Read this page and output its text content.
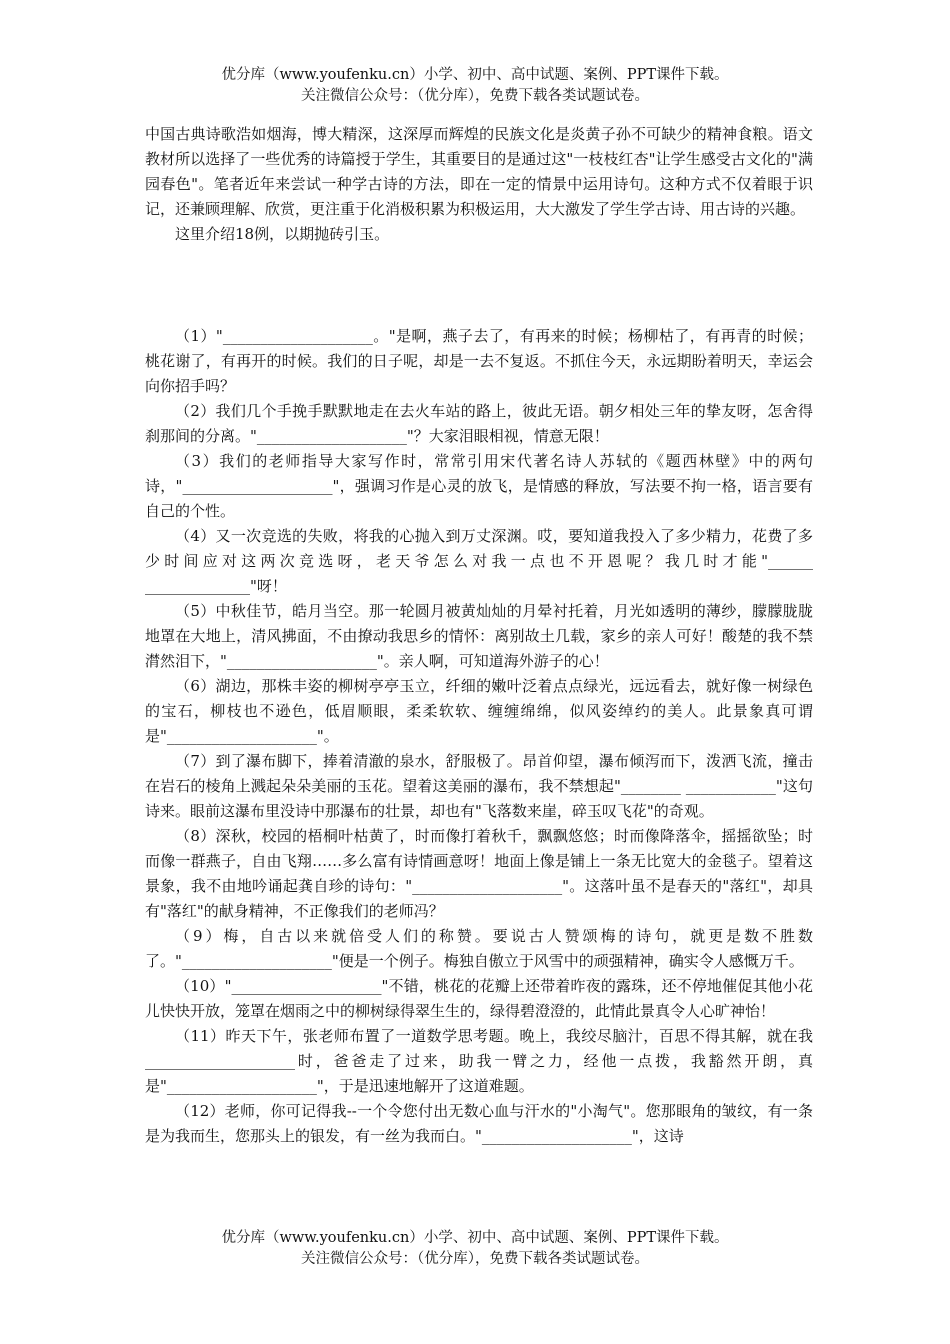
优分库（www.youfenku.cn）小学、初中、高中试题、案例、PPT课件下载。

关注微信公众号：（优分库），免费下载各类试题试卷。

中国古典诗歌浩如烟海，博大精深，这深厚而辉煌的民族文化是炎黄子孙不可缺少的精神食粮。语文教材所以选择了一些优秀的诗篇授于学生，其重要目的是通过这"一枝枝红杏"让学生感受古文化的"满园春色"。笔者近年来尝试一种学古诗的方法，即在一定的情景中运用诗句。这种方式不仅着眼于识记，还兼顾理解、欣赏，更注重于化消极积累为积极运用，大大激发了学生学古诗、用古诗的兴趣。

这里介绍18例，以期抛砖引玉。

（1）"____________________。"是啊，燕子去了，有再来的时候；杨柳枯了，有再青的时候；桃花谢了，有再开的时候。我们的日子呢，却是一去不复返。不抓住今天，永远期盼着明天，幸运会向你招手吗？

（2）我们几个手挽手默默地走在去火车站的路上，彼此无语。朝夕相处三年的挚友呀，怎舍得刹那间的分离。"____________________"？大家泪眼相视，情意无限！

（3）我们的老师指导大家写作时，常常引用宋代著名诗人苏轼的《题西林壁》中的两句诗，"____________________"，强调习作是心灵的放飞，是情感的释放，写法要不拘一格，语言要有自己的个性。

（4）又一次竞选的失败，将我的心抛入到万丈深渊。哎，要知道我投入了多少精力，花费了多少时间应对这两次竞选呀，老天爷怎么对我一点也不开恩呢？我几时才能"______ ______________"呀！

（5）中秋佳节，皓月当空。那一轮圆月被黄灿灿的月晕衬托着，月光如透明的薄纱，朦朦胧胧地罩在大地上，清风拂面，不由撩动我思乡的情怀：离别故土几载，家乡的亲人可好！酸楚的我不禁潸然泪下，"____________________"。亲人啊，可知道海外游子的心！

（6）湖边，那株丰姿的柳树亭亭玉立，纤细的嫩叶泛着点点绿光，远远看去，就好像一树绿色的宝石，柳枝也不逊色，低眉顺眼，柔柔软软、缠缠绵绵，似风姿绰约的美人。此景象真可谓是"____________________"。

（7）到了瀑布脚下，捧着清澈的泉水，舒服极了。昂首仰望，瀑布倾泻而下，泼洒飞流，撞击在岩石的棱角上溅起朵朵美丽的玉花。望着这美丽的瀑布，我不禁想起"________ ____________"这句诗来。眼前这瀑布里没诗中那瀑布的壮景，却也有"飞落数来崖，碎玉叹飞花"的奇观。

（8）深秋，校园的梧桐叶枯黄了，时而像打着秋千，飘飘悠悠；时而像降落伞，摇摇欲坠；时而像一群燕子，自由飞翔……多么富有诗情画意呀！地面上像是铺上一条无比宽大的金毯子。望着这景象，我不由地吟诵起龚自珍的诗句："____________________"。这落叶虽不是春天的"落红"，却具有"落红"的献身精神，不正像我们的老师冯？

（9）梅，自古以来就倍受人们的称赞。要说古人赞颂梅的诗句，就更是数不胜数了。"____________________"便是一个例子。梅独自傲立于风雪中的顽强精神，确实令人感慨万千。

（10）"____________________"不错，桃花的花瓣上还带着昨夜的露珠，还不停地催促其他小花儿快快开放，笼罩在烟雨之中的柳树绿得翠生生的，绿得碧澄澄的，此情此景真令人心旷神怡！

（11）昨天下午，张老师布置了一道数学思考题。晚上，我绞尽脑汁，百思不得其解，就在我____________________时，爸爸走了过来，助我一臂之力，经他一点拨，我豁然开朗，真是"____________________"，于是迅速地解开了这道难题。

（12）老师，你可记得我--一个令您付出无数心血与汗水的"小淘气"。您那眼角的皱纹，有一条是为我而生，您那头上的银发，有一丝为我而白。"____________________"，这诗

优分库（www.youfenku.cn）小学、初中、高中试题、案例、PPT课件下载。

关注微信公众号：（优分库），免费下载各类试题试卷。
